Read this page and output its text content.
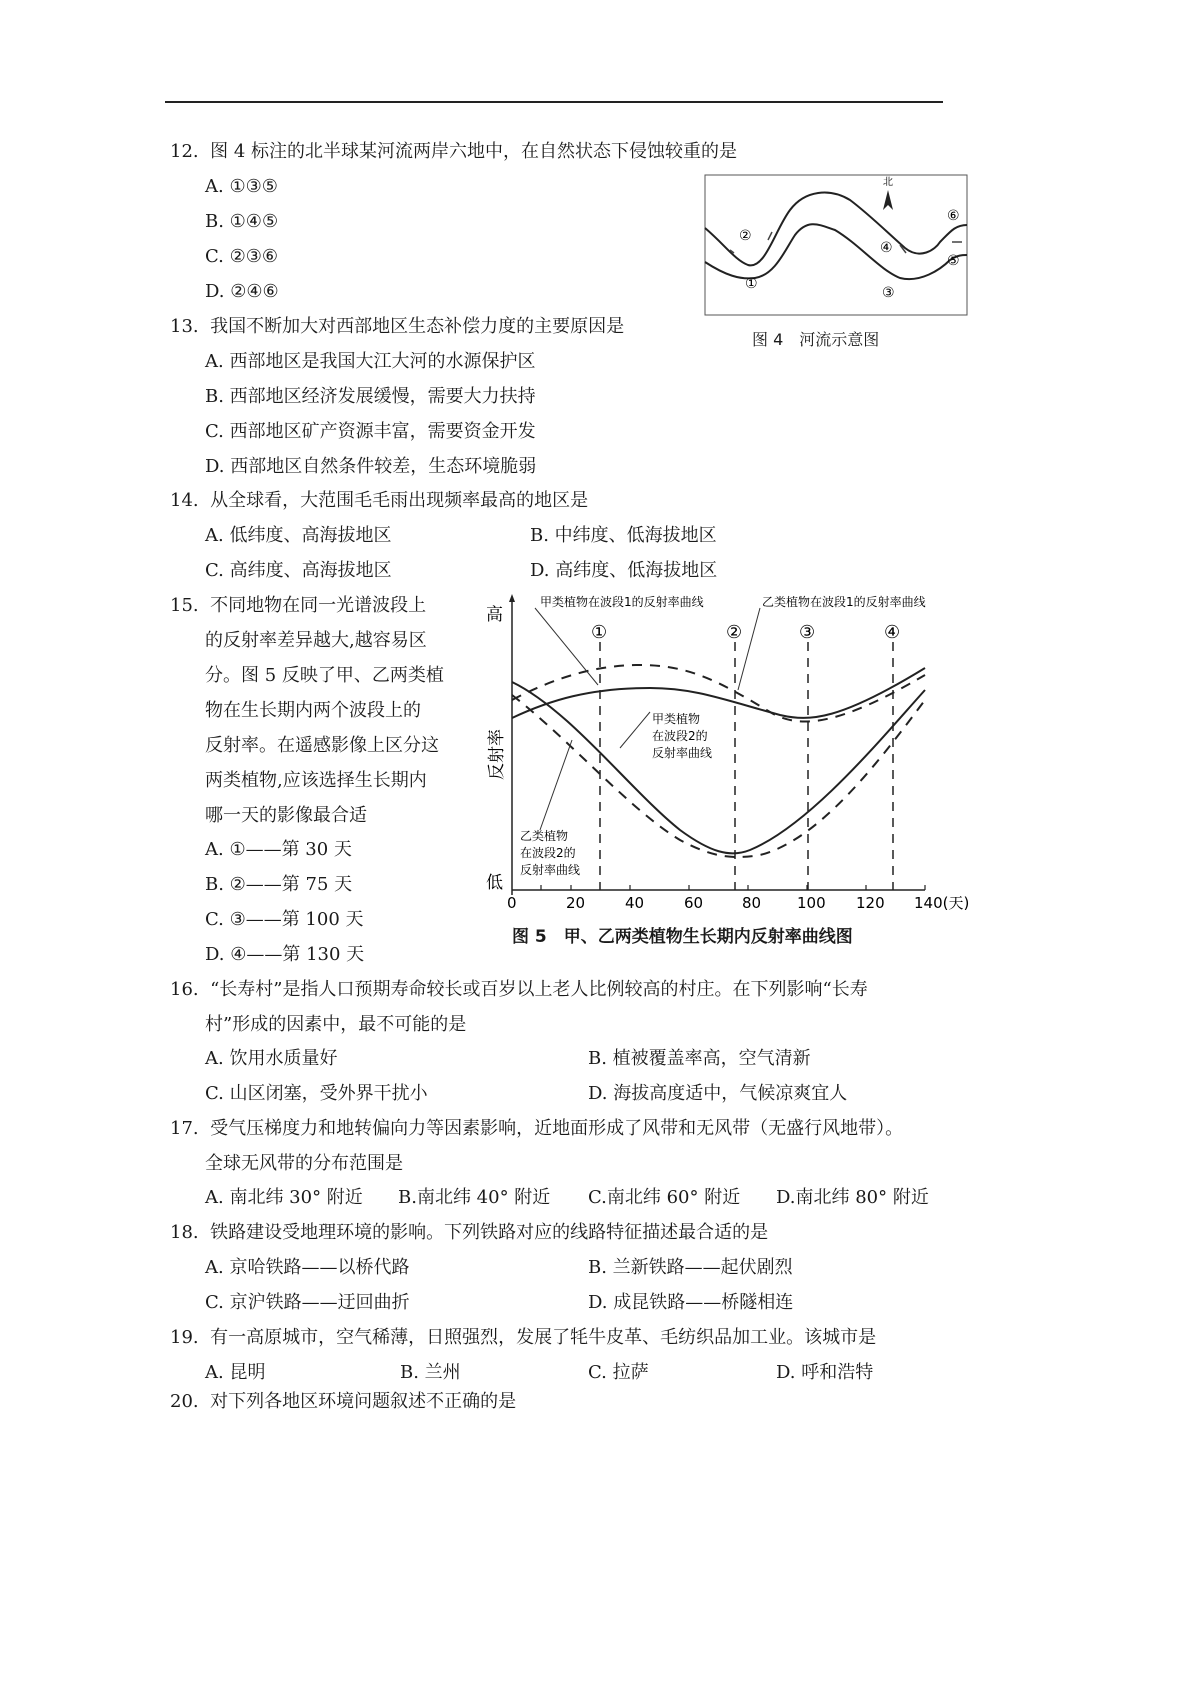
12. 图 4 标注的北半球某河流两岸六地中，在自然状态下侵蚀较重的是
A. ①③⑤
B. ①④⑤
C. ②③⑥
D. ②④⑥
北
②
①
④
③
⑥
⑤
图 4　河流示意图
13. 我国不断加大对西部地区生态补偿力度的主要原因是
A. 西部地区是我国大江大河的水源保护区
B. 西部地区经济发展缓慢，需要大力扶持
C. 西部地区矿产资源丰富，需要资金开发
D. 西部地区自然条件较差，生态环境脆弱
14. 从全球看，大范围毛毛雨出现频率最高的地区是
A. 低纬度、高海拔地区	B. 中纬度、低海拔地区
C. 高纬度、高海拔地区	D. 高纬度、低海拔地区
15. 不同地物在同一光谱波段上
的反射率差异越大,越容易区
分。图 5 反映了甲、乙两类植
物在生长期内两个波段上的
反射率。在遥感影像上区分这
两类植物,应该选择生长期内
哪一天的影像最合适
A. ①——第 30 天
B. ②——第 75 天
C. ③——第 100 天
D. ④——第 130 天
①	②	③	④
甲类植物在波段1的反射率曲线	乙类植物在波段1的反射率曲线
甲类植物
在波段2的
反射率曲线
乙类植物
在波段2的
反射率曲线
高
低
反射率
0	20	40	60	80 100 120 140(天)
图 5　甲、乙两类植物生长期内反射率曲线图
16. “长寿村”是指人口预期寿命较长或百岁以上老人比例较高的村庄。在下列影响“长寿
村”形成的因素中，最不可能的是
A. 饮用水质量好	B. 植被覆盖率高，空气清新
C. 山区闭塞，受外界干扰小	D. 海拔高度适中，气候凉爽宜人
17. 受气压梯度力和地转偏向力等因素影响，近地面形成了风带和无风带（无盛行风地带）。
全球无风带的分布范围是
A. 南北纬 30° 附近 B.南北纬 40° 附近 C.南北纬 60° 附近 D.南北纬 80° 附近
18. 铁路建设受地理环境的影响。下列铁路对应的线路特征描述最合适的是
A. 京哈铁路——以桥代路	B. 兰新铁路——起伏剧烈
C. 京沪铁路——迂回曲折	D. 成昆铁路——桥隧相连
19. 有一高原城市，空气稀薄，日照强烈，发展了牦牛皮革、毛纺织品加工业。该城市是
A. 昆明	B. 兰州	C. 拉萨	D. 呼和浩特
20. 对下列各地区环境问题叙述不正确的是
